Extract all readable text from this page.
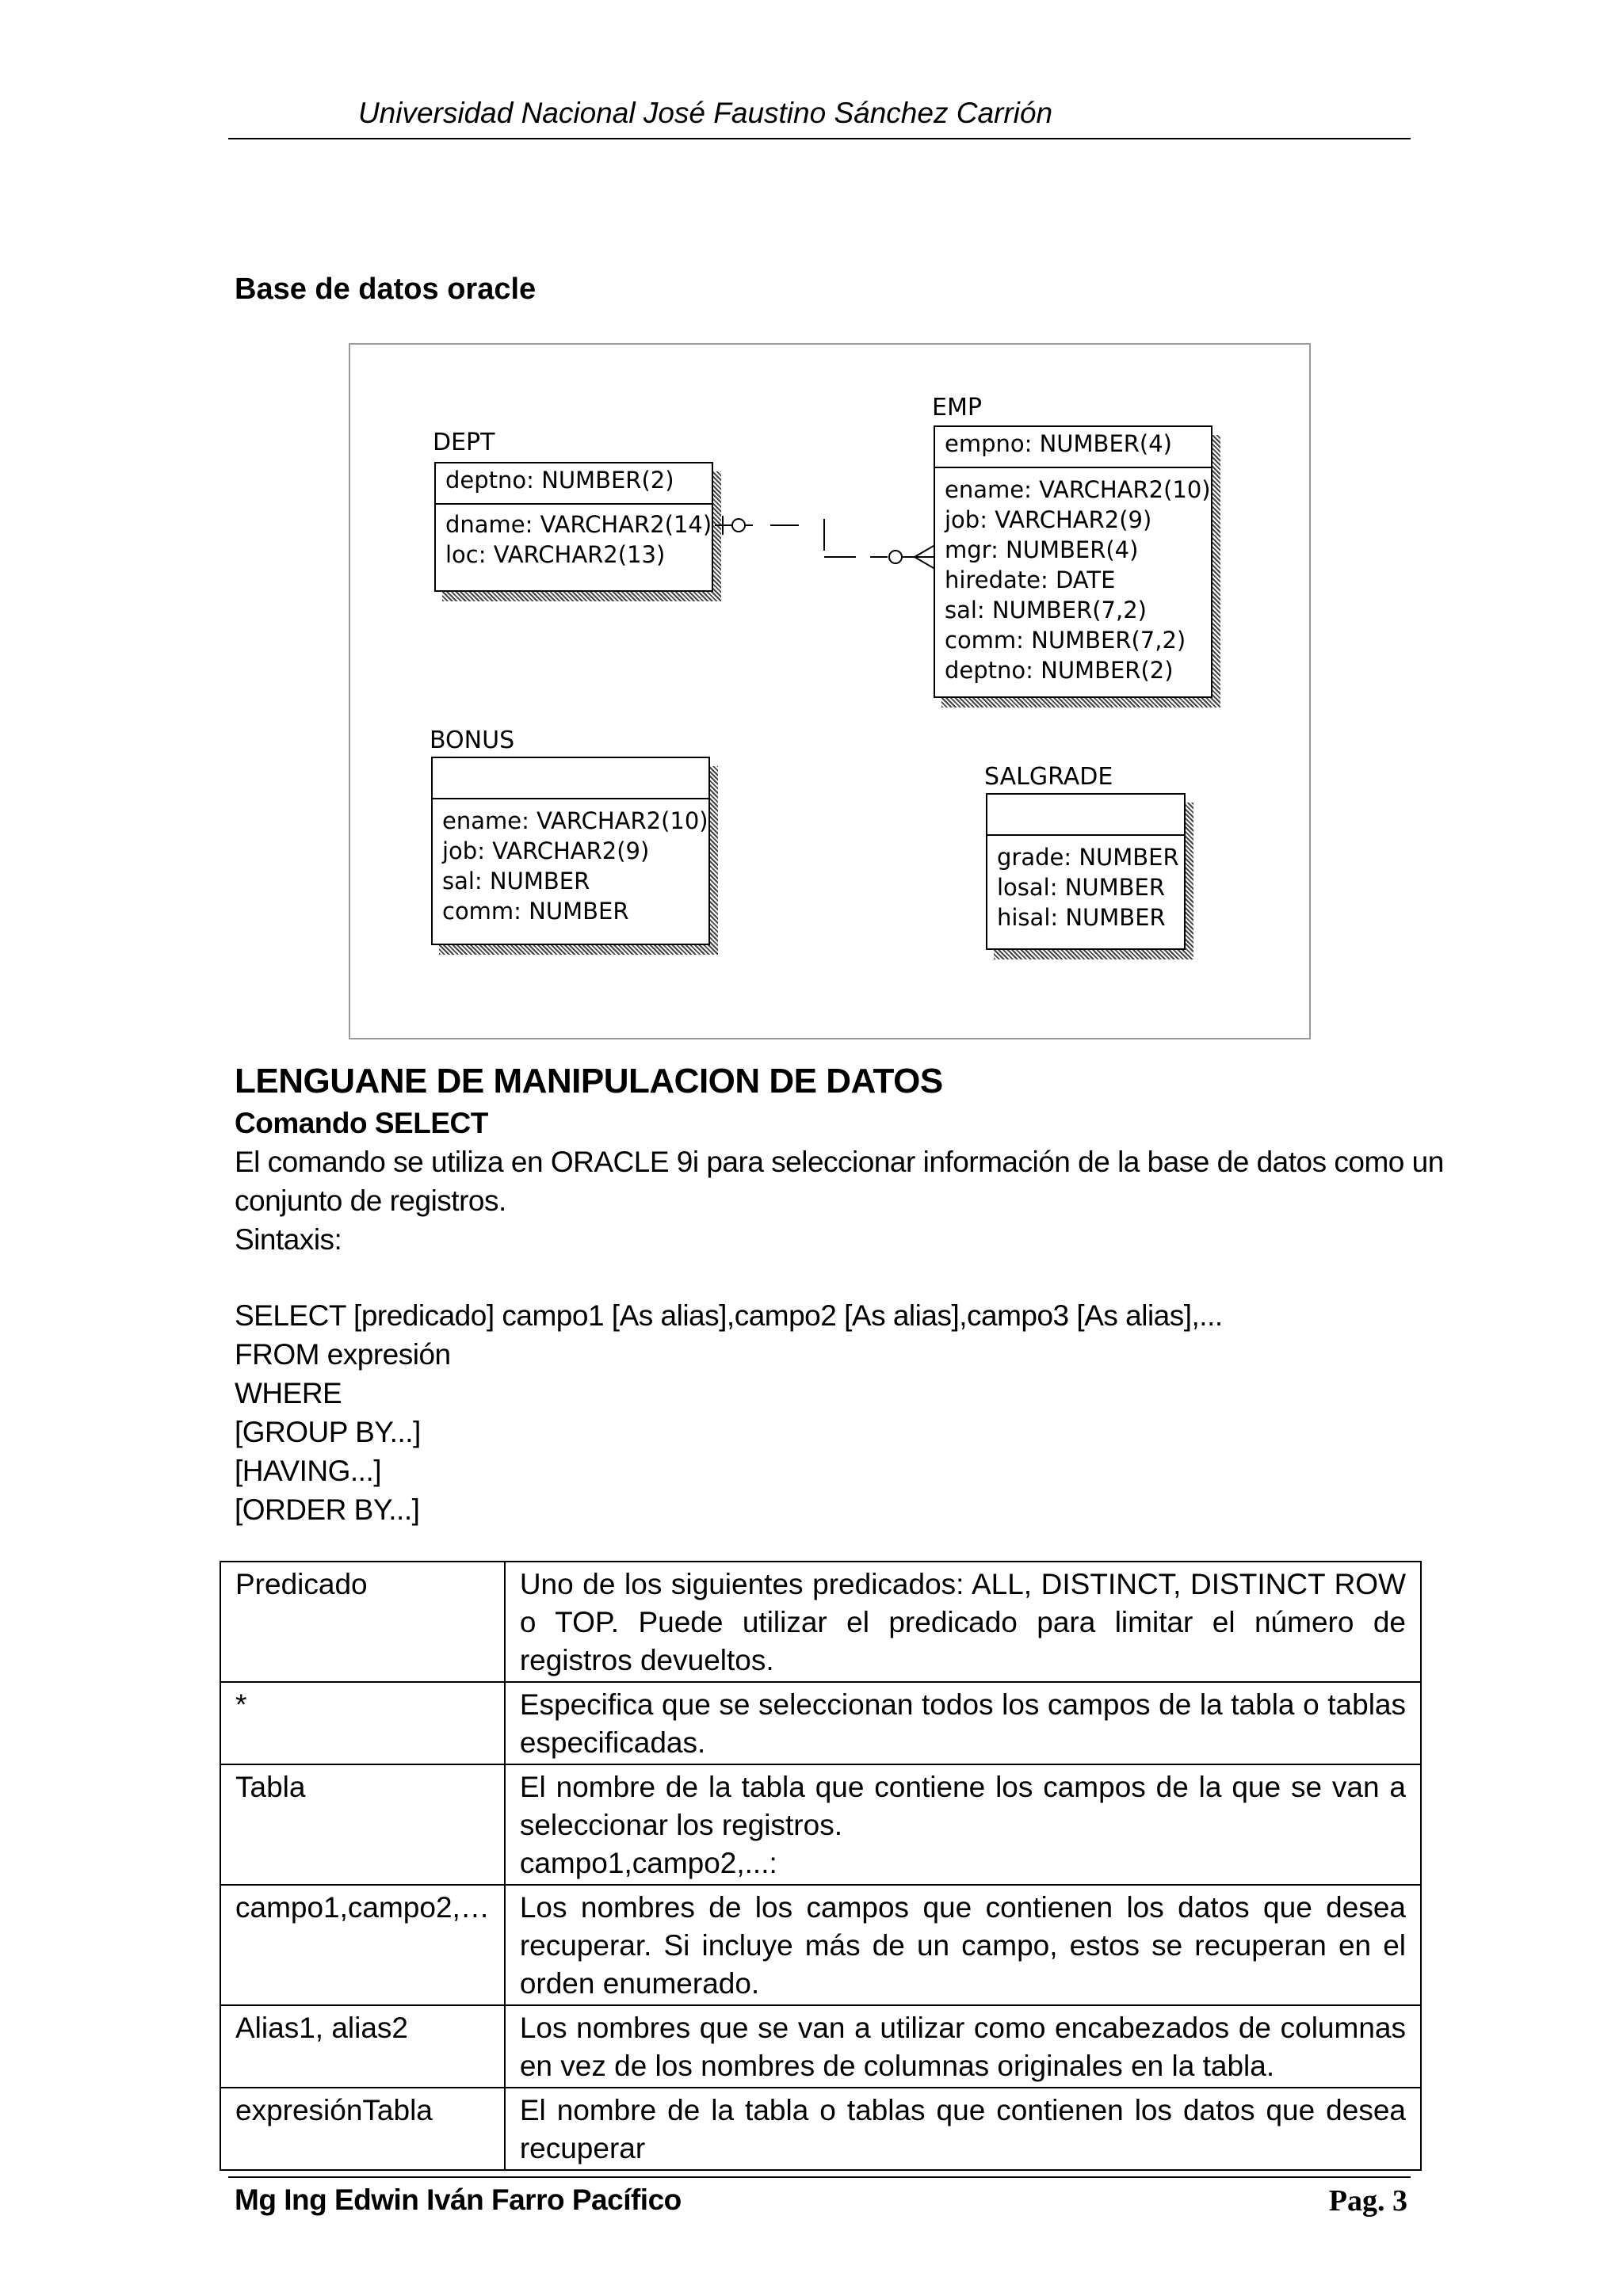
Universidad Nacional José Faustino Sánchez Carrión
Base de datos oracle
DEPT
deptno: NUMBER(2)
dname: VARCHAR2(14)
loc: VARCHAR2(13)
EMP
empno: NUMBER(4)
ename: VARCHAR2(10)
job: VARCHAR2(9)
mgr: NUMBER(4)
hiredate: DATE
sal: NUMBER(7,2)
comm: NUMBER(7,2)
deptno: NUMBER(2)
BONUS
ename: VARCHAR2(10)
job: VARCHAR2(9)
sal: NUMBER
comm: NUMBER
SALGRADE
grade: NUMBER
losal: NUMBER
hisal: NUMBER
LENGUANE DE MANIPULACION DE DATOS
Comando SELECT
El comando se utiliza en ORACLE 9i para seleccionar información de la base de datos como un
conjunto de registros.
Sintaxis:
SELECT [predicado] campo1 [As alias],campo2 [As alias],campo3 [As alias],...
FROM expresión
WHERE
[GROUP BY...]
[HAVING...]
[ORDER BY...]
Predicado	Uno de los siguientes predicados: ALL, DISTINCT, DISTINCT ROW o TOP. Puede utilizar el predicado para limitar el número de registros devueltos.
*	Especifica que se seleccionan todos los campos de la tabla o tablas especificadas.
Tabla	El nombre de la tabla que contiene los campos de la que se van a seleccionar los registros.
campo1,campo2,...:

campo1,campo2,…	Los nombres de los campos que contienen los datos que desea recuperar. Si incluye más de un campo, estos se recuperan en el orden enumerado.
Alias1, alias2	Los nombres que se van a utilizar como encabezados de columnas en vez de los nombres de columnas originales en la tabla.
expresiónTabla	El nombre de la tabla o tablas que contienen los datos que desea recuperar
Mg Ing Edwin Iván Farro Pacífico	Pag. 3
